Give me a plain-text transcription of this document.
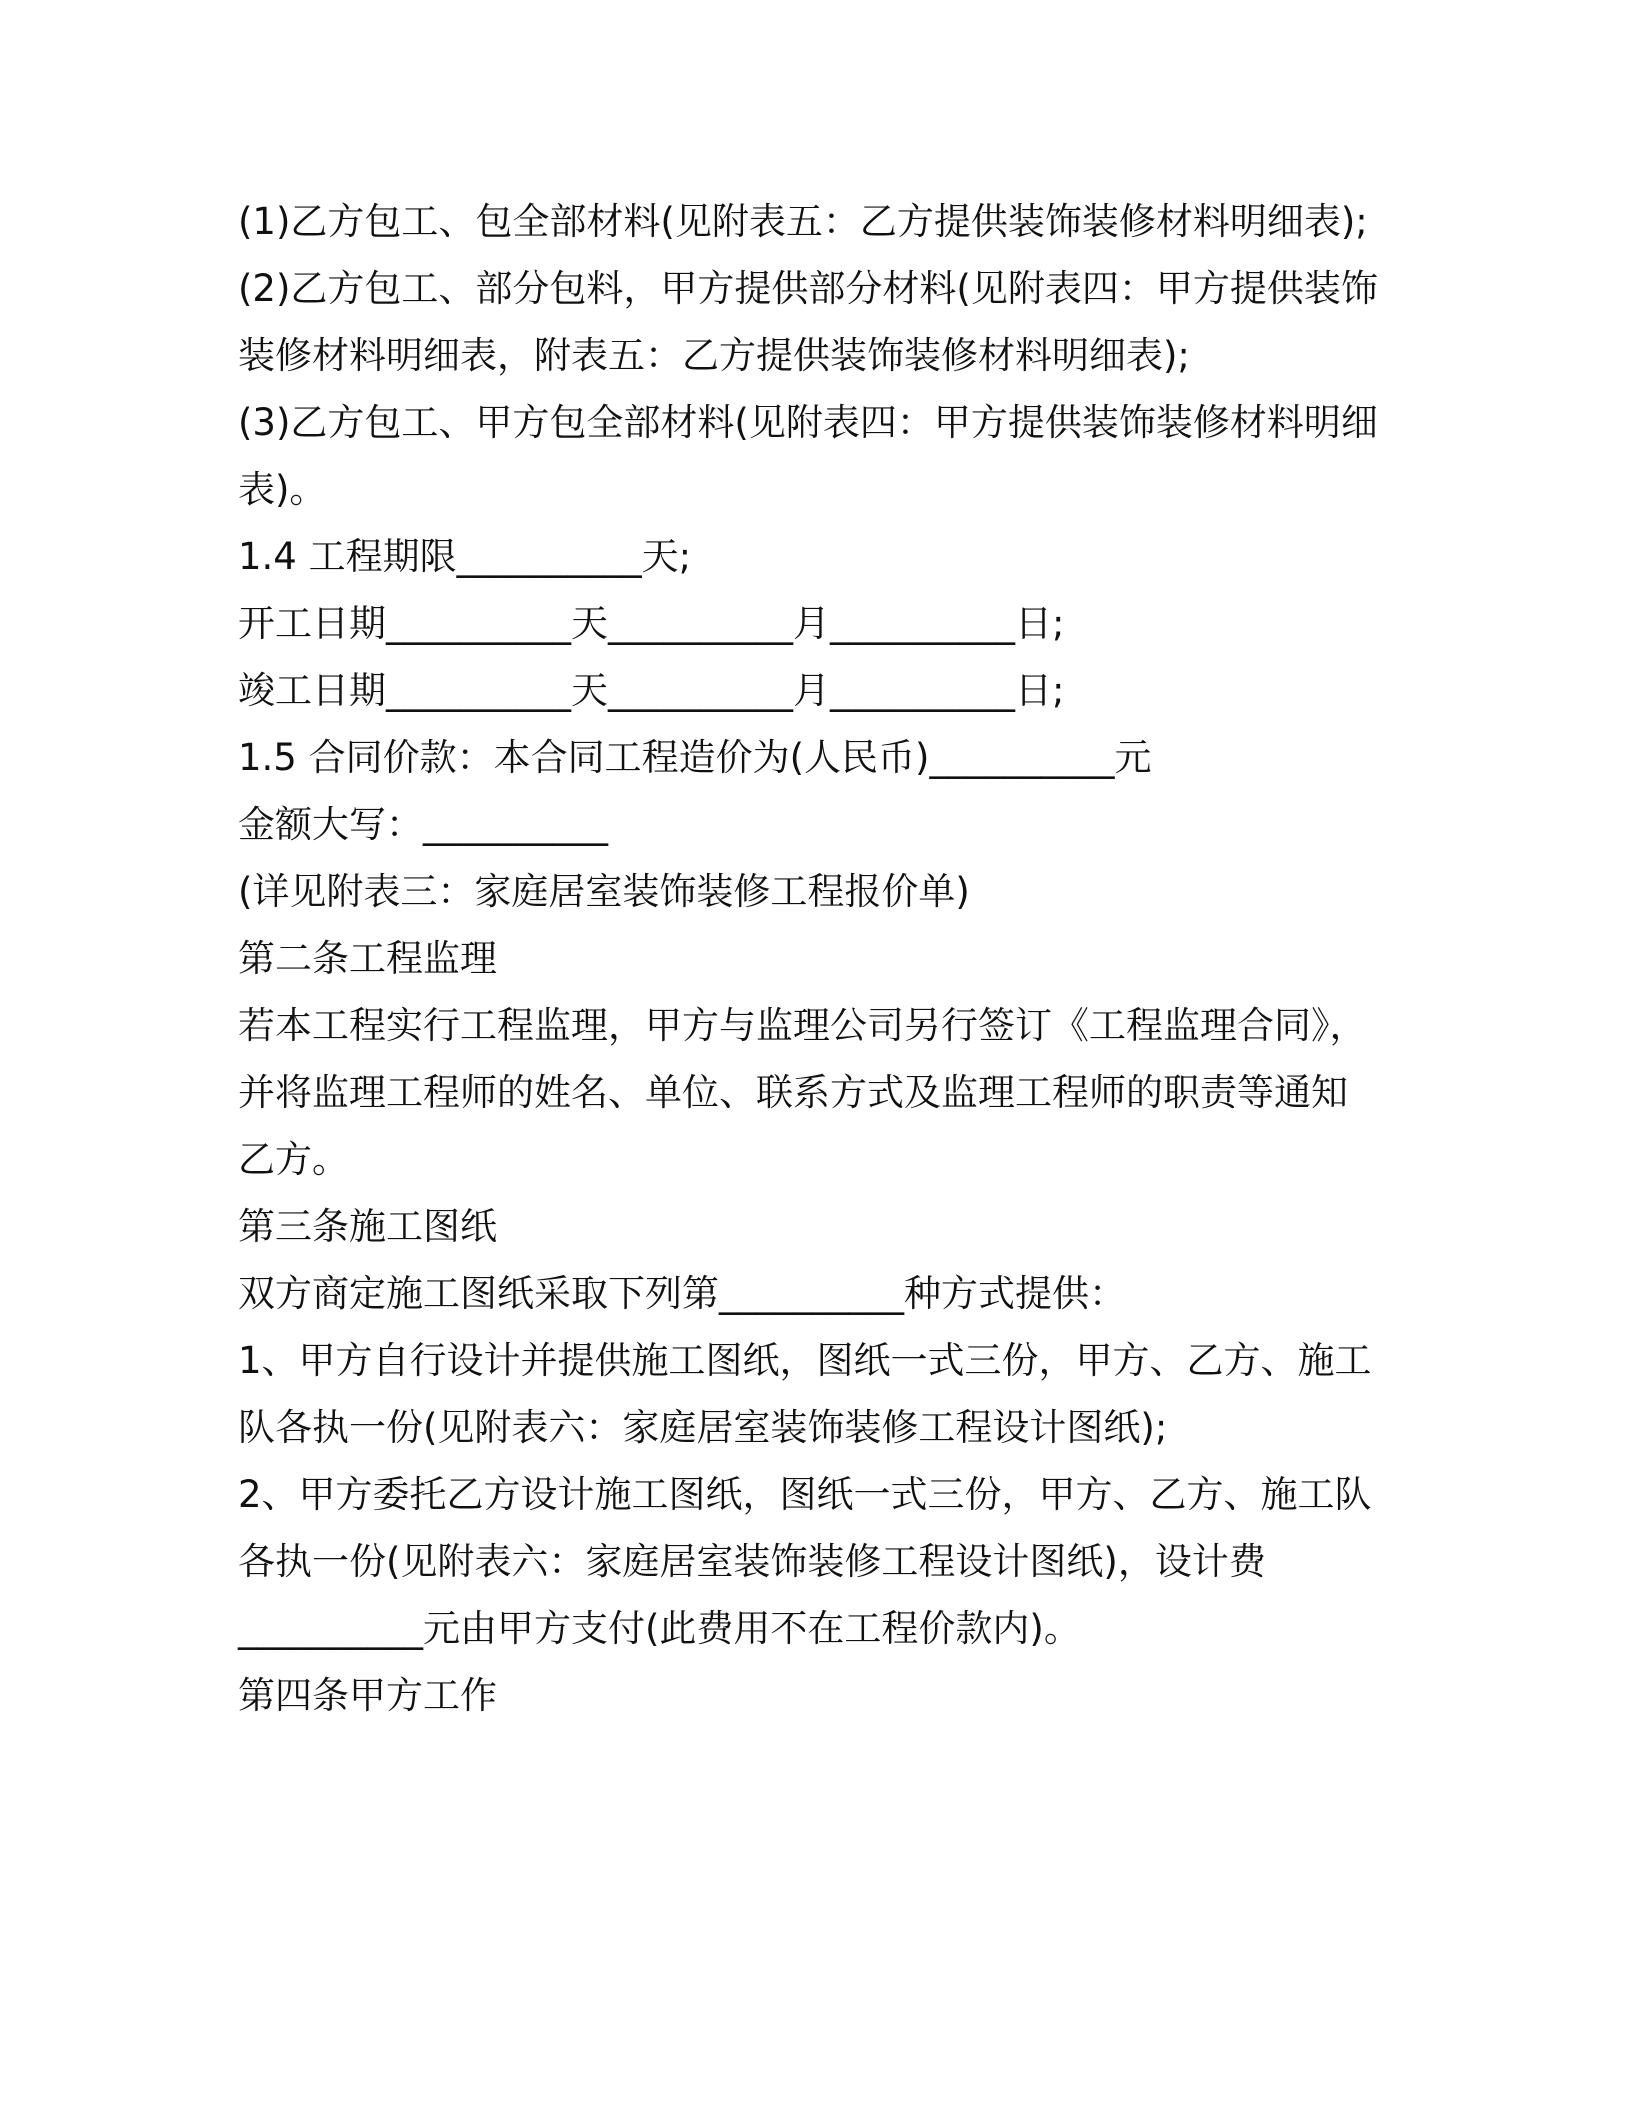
(1)乙方包工、包全部材料(见附表五：乙方提供装饰装修材料明细表);
(2)乙方包工、部分包料，甲方提供部分材料(见附表四：甲方提供装饰
装修材料明细表，附表五：乙方提供装饰装修材料明细表);
(3)乙方包工、甲方包全部材料(见附表四：甲方提供装饰装修材料明细
表)。
1.4 工程期限__________天;
开工日期__________天__________月__________日;
竣工日期__________天__________月__________日;
1.5 合同价款：本合同工程造价为(人民币)__________元
金额大写：__________
(详见附表三：家庭居室装饰装修工程报价单)
第二条工程监理
若本工程实行工程监理，甲方与监理公司另行签订《工程监理合同》，
并将监理工程师的姓名、单位、联系方式及监理工程师的职责等通知
乙方。
第三条施工图纸
双方商定施工图纸采取下列第__________种方式提供：
1、甲方自行设计并提供施工图纸，图纸一式三份，甲方、乙方、施工
队各执一份(见附表六：家庭居室装饰装修工程设计图纸);
2、甲方委托乙方设计施工图纸，图纸一式三份，甲方、乙方、施工队
各执一份(见附表六：家庭居室装饰装修工程设计图纸)，设计费
__________元由甲方支付(此费用不在工程价款内)。
第四条甲方工作
